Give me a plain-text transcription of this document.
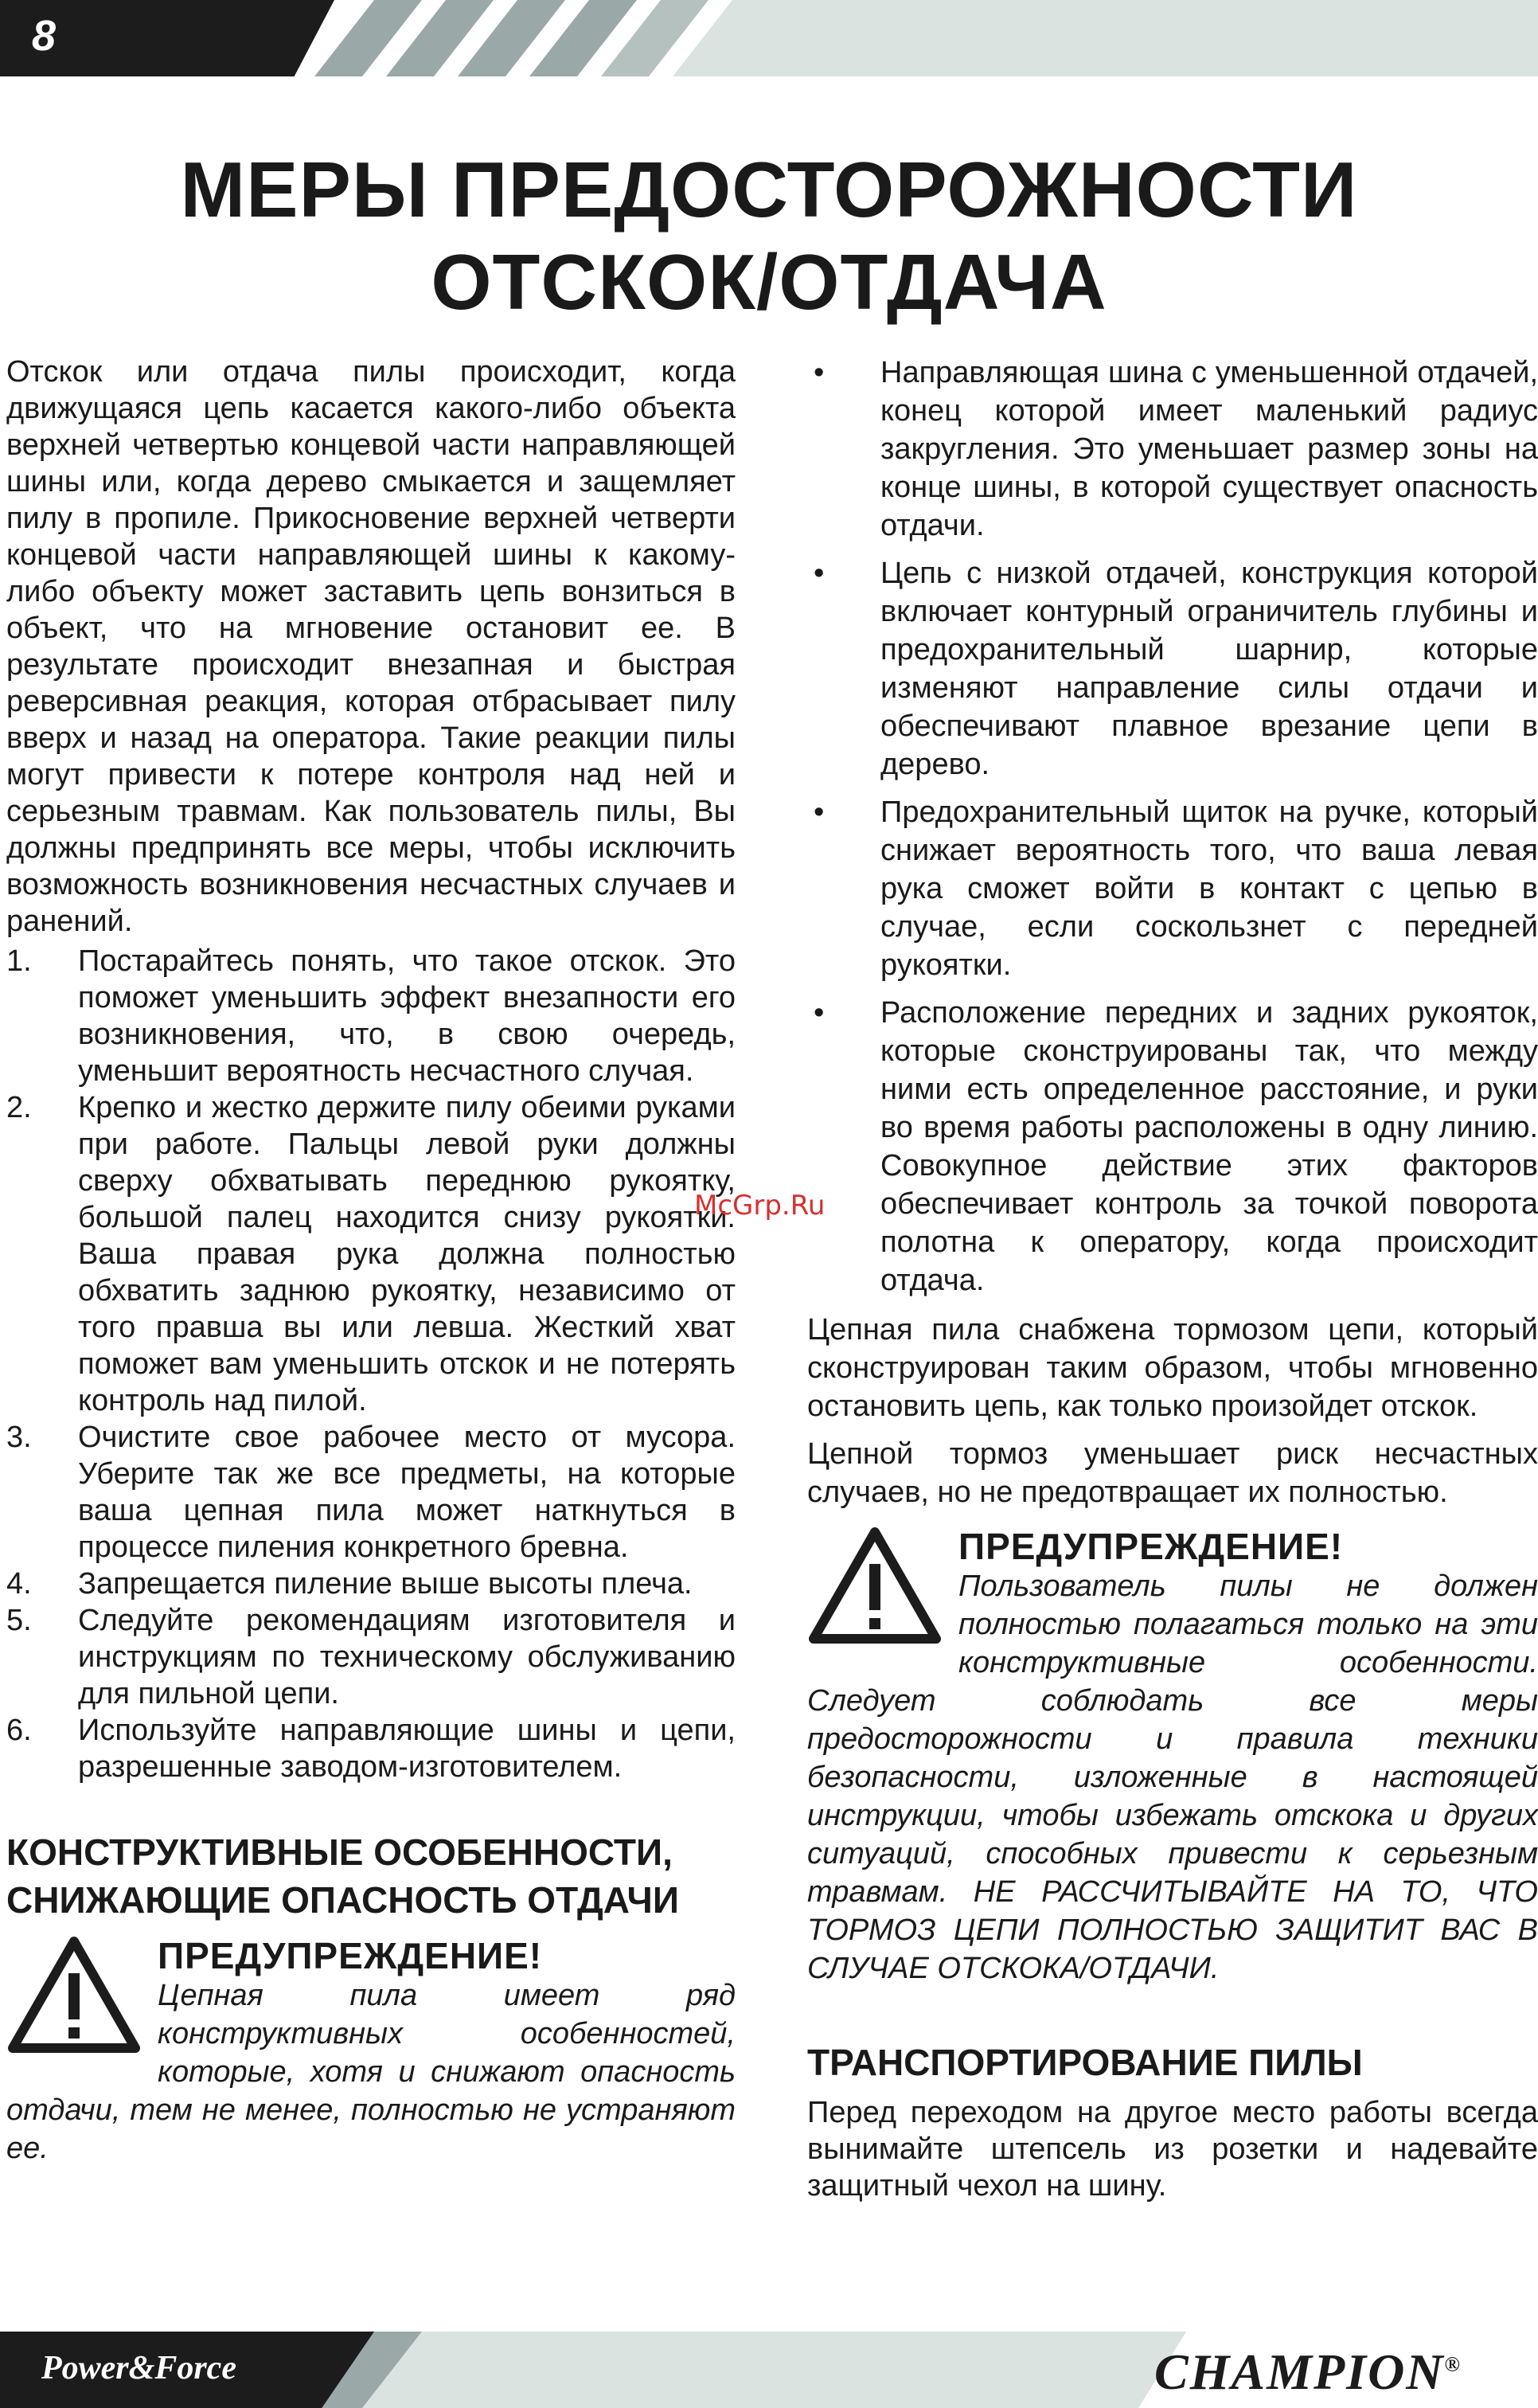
8
МЕРЫ ПРЕДОСТОРОЖНОСТИ
ОТСКОК/ОТДАЧА

Отскок или отдача пилы происходит, когда движущаяся цепь касается какого-либо объекта верхней четвертью концевой части направляющей шины или, когда дерево смыкается и защемляет пилу в пропиле. Прикосновение верхней четверти концевой части направляющей шины к какому-либо объекту может заставить цепь вонзиться в объект, что на мгновение остановит ее. В результате происходит внезапная и быстрая реверсивная реакция, которая отбрасывает пилу вверх и назад на оператора. Такие реакции пилы могут привести к потере контроля над ней и серьезным травмам. Как пользователь пилы, Вы должны предпринять все меры, чтобы исключить возможность возникновения несчастных случаев и ранений.

1. Постарайтесь понять, что такое отскок. Это поможет уменьшить эффект внезапности его возникновения, что, в свою очередь, уменьшит вероятность несчастного случая.
2. Крепко и жестко держите пилу обеими руками при работе. Пальцы левой руки должны сверху обхватывать переднюю рукоятку, большой палец находится снизу рукоятки. Ваша правая рука должна полностью обхватить заднюю рукоятку, независимо от того правша вы или левша. Жесткий хват поможет вам уменьшить отскок и не потерять контроль над пилой.
3. Очистите свое рабочее место от мусора. Уберите так же все предметы, на которые ваша цепная пила может наткнуться в процессе пиления конкретного бревна.
4. Запрещается пиление выше высоты плеча.
5. Следуйте рекомендациям изготовителя и инструкциям по техническому обслуживанию для пильной цепи.
6. Используйте направляющие шины и цепи, разрешенные заводом-изготовителем.
КОНСТРУКТИВНЫЕ ОСОБЕННОСТИ, СНИЖАЮЩИЕ ОПАСНОСТЬ ОТДАЧИ
ПРЕДУПРЕЖДЕНИЕ!
Цепная пила имеет ряд конструктивных особенностей, которые, хотя и снижают опасность отдачи, тем не менее, полностью не устраняют ее.
• Направляющая шина с уменьшенной отдачей, конец которой имеет маленький радиус закругления. Это уменьшает размер зоны на конце шины, в которой существует опасность отдачи.
• Цепь с низкой отдачей, конструкция которой включает контурный ограничитель глубины и предохранительный шарнир, которые изменяют направление силы отдачи и обеспечивают плавное врезание цепи в дерево.
• Предохранительный щиток на ручке, который снижает вероятность того, что ваша левая рука сможет войти в контакт с цепью в случае, если соскользнет с передней рукоятки.
• Расположение передних и задних рукояток, которые сконструированы так, что между ними есть определенное расстояние, и руки во время работы расположены в одну линию. Совокупное действие этих факторов обеспечивает контроль за точкой поворота полотна к оператору, когда происходит отдача.

Цепная пила снабжена тормозом цепи, который сконструирован таким образом, чтобы мгновенно остановить цепь, как только произойдет отскок.

Цепной тормоз уменьшает риск несчастных случаев, но не предотвращает их полностью.

ПРЕДУПРЕЖДЕНИЕ!
Пользователь пилы не должен полностью полагаться только на эти конструктивные особенности. Следует соблюдать все меры предосторожности и правила техники безопасности, изложенные в настоящей инструкции, чтобы избежать отскока и других ситуаций, способных привести к серьезным травмам. НЕ РАССЧИТЫВАЙТЕ НА ТО, ЧТО ТОРМОЗ ЦЕПИ ПОЛНОСТЬЮ ЗАЩИТИТ ВАС В СЛУЧАЕ ОТСКОКА/ОТДАЧИ.
ТРАНСПОРТИРОВАНИЕ ПИЛЫ

Перед переходом на другое место работы всегда вынимайте штепсель из розетки и надевайте защитный чехол на шину.

McGrp.Ru
Power&Force	CHAMPION®
